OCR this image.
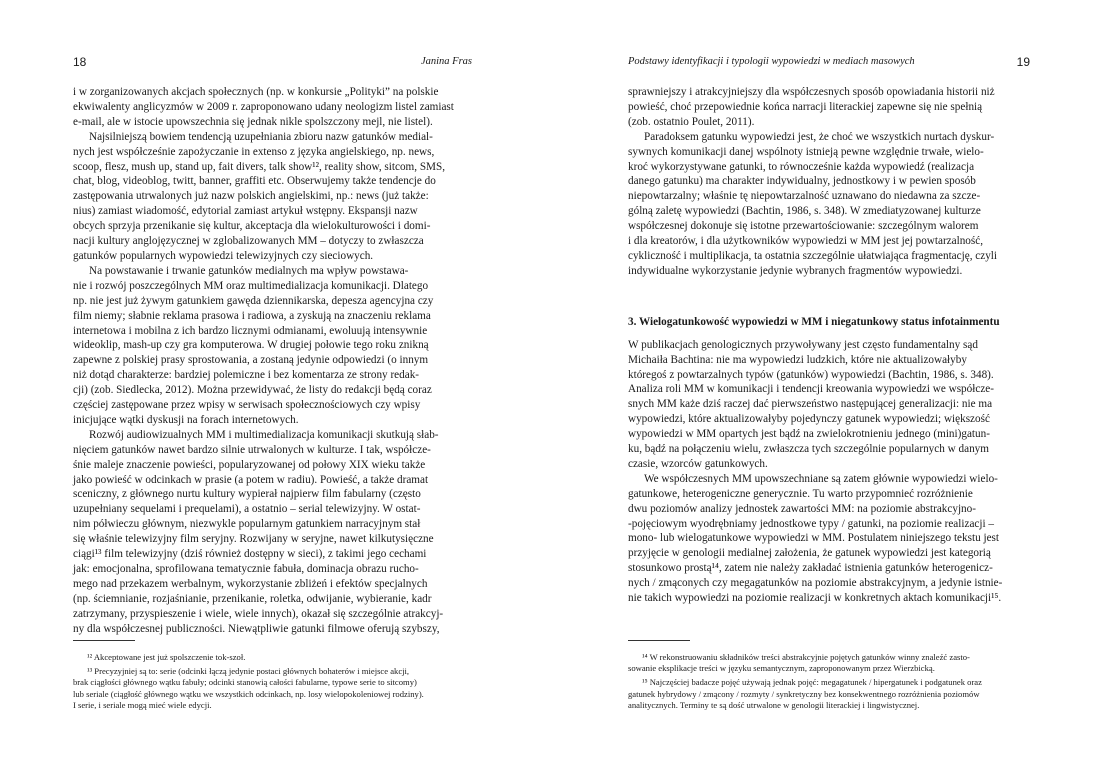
18	Janina Fras
i w zorganizowanych akcjach społecznych (np. w konkursie „Polityki” na polskie
ekwiwalenty anglicyzmów w 2009 r. zaproponowano udany neologizm listel zamiast
e-mail, ale w istocie upowszechnia się jednak nikle spolszczony mejl, nie listel).
Najsilniejszą bowiem tendencją uzupełniania zbioru nazw gatunków medial-
nych jest współcześnie zapożyczanie in extenso z języka angielskiego, np. news,
scoop, flesz, mush up, stand up, fait divers, talk show¹², reality show, sitcom, SMS,
chat, blog, videoblog, twitt, banner, graffiti etc. Obserwujemy także tendencje do
zastępowania utrwalonych już nazw polskich angielskimi, np.: news (już także:
nius) zamiast wiadomość, edytorial zamiast artykuł wstępny. Ekspansji nazw
obcych sprzyja przenikanie się kultur, akceptacja dla wielokulturowości i domi-
nacji kultury anglojęzycznej w zglobalizowanych MM – dotyczy to zwłaszcza
gatunków popularnych wypowiedzi telewizyjnych czy sieciowych.
Na powstawanie i trwanie gatunków medialnych ma wpływ powstawa-
nie i rozwój poszczególnych MM oraz multimedializacja komunikacji. Dlatego
np. nie jest już żywym gatunkiem gawęda dziennikarska, depesza agencyjna czy
film niemy; słabnie reklama prasowa i radiowa, a zyskują na znaczeniu reklama
internetowa i mobilna z ich bardzo licznymi odmianami, ewoluują intensywnie
wideoklip, mash-up czy gra komputerowa. W drugiej połowie tego roku znikną
zapewne z polskiej prasy sprostowania, a zostaną jedynie odpowiedzi (o innym
niż dotąd charakterze: bardziej polemiczne i bez komentarza ze strony redak-
cji) (zob. Siedlecka, 2012). Można przewidywać, że listy do redakcji będą coraz
częściej zastępowane przez wpisy w serwisach społecznościowych czy wpisy
inicjujące wątki dyskusji na forach internetowych.
Rozwój audiowizualnych MM i multimedializacja komunikacji skutkują słab-
nięciem gatunków nawet bardzo silnie utrwalonych w kulturze. I tak, współcze-
śnie maleje znaczenie powieści, popularyzowanej od połowy XIX wieku także
jako powieść w odcinkach w prasie (a potem w radiu). Powieść, a także dramat
sceniczny, z głównego nurtu kultury wypierał najpierw film fabularny (często
uzupełniany sequelami i prequelami), a ostatnio – serial telewizyjny. W ostat-
nim półwieczu głównym, niezwykle popularnym gatunkiem narracyjnym stał
się właśnie telewizyjny film seryjny. Rozwijany w seryjne, nawet kilkutysięczne
ciągi¹³ film telewizyjny (dziś również dostępny w sieci), z takimi jego cechami
jak: emocjonalna, sprofilowana tematycznie fabuła, dominacja obrazu rucho-
mego nad przekazem werbalnym, wykorzystanie zbliżeń i efektów specjalnych
(np. ściemnianie, rozjaśnianie, przenikanie, roletka, odwijanie, wybieranie, kadr
zatrzymany, przyspieszenie i wiele, wiele innych), okazał się szczególnie atrakcyj-
ny dla współczesnej publiczności. Niewątpliwie gatunki filmowe oferują szybszy,
¹² Akceptowane jest już spolszczenie tok-szoł.
¹³ Precyzyjniej są to: serie (odcinki łączą jedynie postaci głównych bohaterów i miejsce akcji,
brak ciągłości głównego wątku fabuły; odcinki stanowią całości fabularne, typowe serie to sitcomy)
lub seriale (ciągłość głównego wątku we wszystkich odcinkach, np. losy wielopokoleniowej rodziny).
I serie, i seriale mogą mieć wiele edycji.
Podstawy identyfikacji i typologii wypowiedzi w mediach masowych	19
sprawniejszy i atrakcyjniejszy dla współczesnych sposób opowiadania historii niż
powieść, choć przepowiednie końca narracji literackiej zapewne się nie spełnią
(zob. ostatnio Poulet, 2011).
Paradoksem gatunku wypowiedzi jest, że choć we wszystkich nurtach dyskur-
sywnych komunikacji danej wspólnoty istnieją pewne względnie trwałe, wielo-
kroć wykorzystywane gatunki, to równocześnie każda wypowiedź (realizacja
danego gatunku) ma charakter indywidualny, jednostkowy i w pewien sposób
niepowtarzalny; właśnie tę niepowtarzalność uznawano do niedawna za szcze-
gólną zaletę wypowiedzi (Bachtin, 1986, s. 348). W zmediatyzowanej kulturze
współczesnej dokonuje się istotne przewartościowanie: szczególnym walorem
i dla kreatorów, i dla użytkowników wypowiedzi w MM jest jej powtarzalność,
cykliczność i multiplikacja, ta ostatnia szczególnie ułatwiająca fragmentację, czyli
indywidualne wykorzystanie jedynie wybranych fragmentów wypowiedzi.
3. Wielogatunkowość wypowiedzi w MM i niegatunkowy status infotainmentu
W publikacjach genologicznych przywoływany jest często fundamentalny sąd
Michaiła Bachtina: nie ma wypowiedzi ludzkich, które nie aktualizowałyby
któregoś z powtarzalnych typów (gatunków) wypowiedzi (Bachtin, 1986, s. 348).
Analiza roli MM w komunikacji i tendencji kreowania wypowiedzi we współcze-
snych MM każe dziś raczej dać pierwszeństwo następującej generalizacji: nie ma
wypowiedzi, które aktualizowałyby pojedynczy gatunek wypowiedzi; większość
wypowiedzi w MM opartych jest bądź na zwielokrotnieniu jednego (mini)gatun-
ku, bądź na połączeniu wielu, zwłaszcza tych szczególnie popularnych w danym
czasie, wzorców gatunkowych.
We współczesnych MM upowszechniane są zatem głównie wypowiedzi wielo-
gatunkowe, heterogeniczne generycznie. Tu warto przypomnieć rozróżnienie
dwu poziomów analizy jednostek zawartości MM: na poziomie abstrakcyjno-
-pojęciowym wyodrębniamy jednostkowe typy / gatunki, na poziomie realizacji –
mono- lub wielogatunkowe wypowiedzi w MM. Postulatem niniejszego tekstu jest
przyjęcie w genologii medialnej założenia, że gatunek wypowiedzi jest kategorią
stosunkowo prostą¹⁴, zatem nie należy zakładać istnienia gatunków heterogenicz-
nych / zmąconych czy megagatunków na poziomie abstrakcyjnym, a jedynie istnie-
nie takich wypowiedzi na poziomie realizacji w konkretnych aktach komunikacji¹⁵.
¹⁴ W rekonstruowaniu składników treści abstrakcyjnie pojętych gatunków winny znaleźć zasto-
sowanie eksplikacje treści w języku semantycznym, zaproponowanym przez Wierzbicką.
¹⁵ Najczęściej badacze pojęć używają jednak pojęć: megagatunek / hipergatunek i podgatunek oraz
gatunek hybrydowy / zmącony / rozmyty / synkretyczny bez konsekwentnego rozróżnienia poziomów
analitycznych. Terminy te są dość utrwalone w genologii literackiej i lingwistycznej.
